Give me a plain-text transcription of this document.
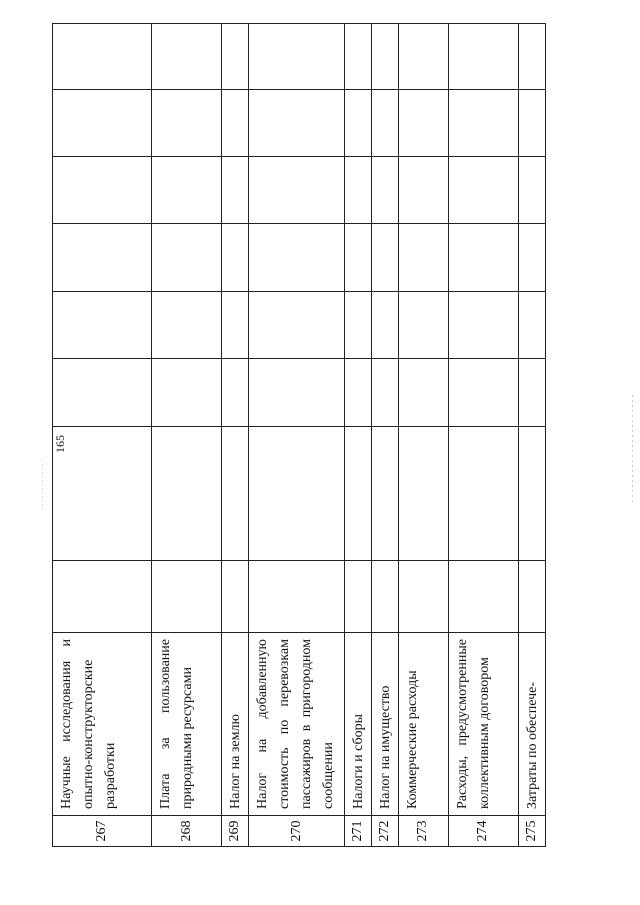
165
267	Научные исследования и опытно-конструкторские разработки								
268	Плата за пользование природными ресурсами								
269	Налог на землю								
270	Налог на добавленную стоимость по перевозкам пассажиров в пригородном сообщении								
271	Налоги и сборы								
272	Налог на имущество								
273	Коммерческие расходы								
274	Расходы, предусмотренные коллективным договором								
275	Затраты по обеспече-								
